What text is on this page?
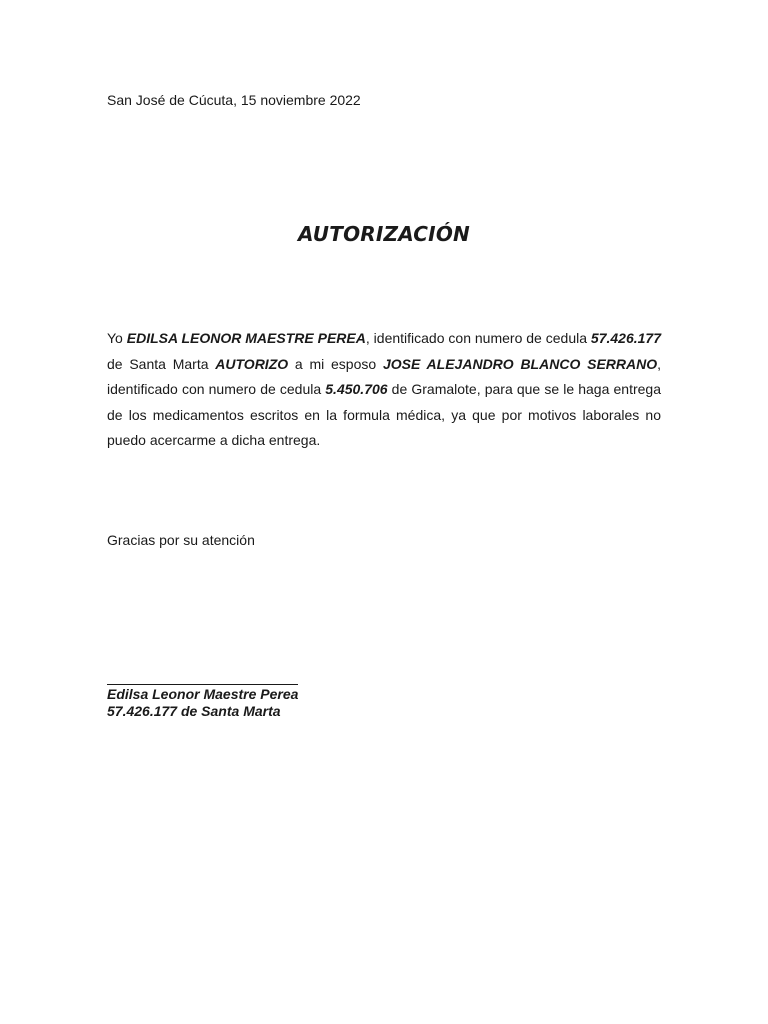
San José de Cúcuta, 15 noviembre 2022
AUTORIZACIÓN
Yo EDILSA LEONOR MAESTRE PEREA, identificado con numero de cedula 57.426.177 de Santa Marta AUTORIZO a mi esposo JOSE ALEJANDRO BLANCO SERRANO, identificado con numero de cedula 5.450.706 de Gramalote, para que se le haga entrega de los medicamentos escritos en la formula médica, ya que por motivos laborales no puedo acercarme a dicha entrega.
Gracias por su atención
Edilsa Leonor Maestre Perea
57.426.177 de Santa Marta
